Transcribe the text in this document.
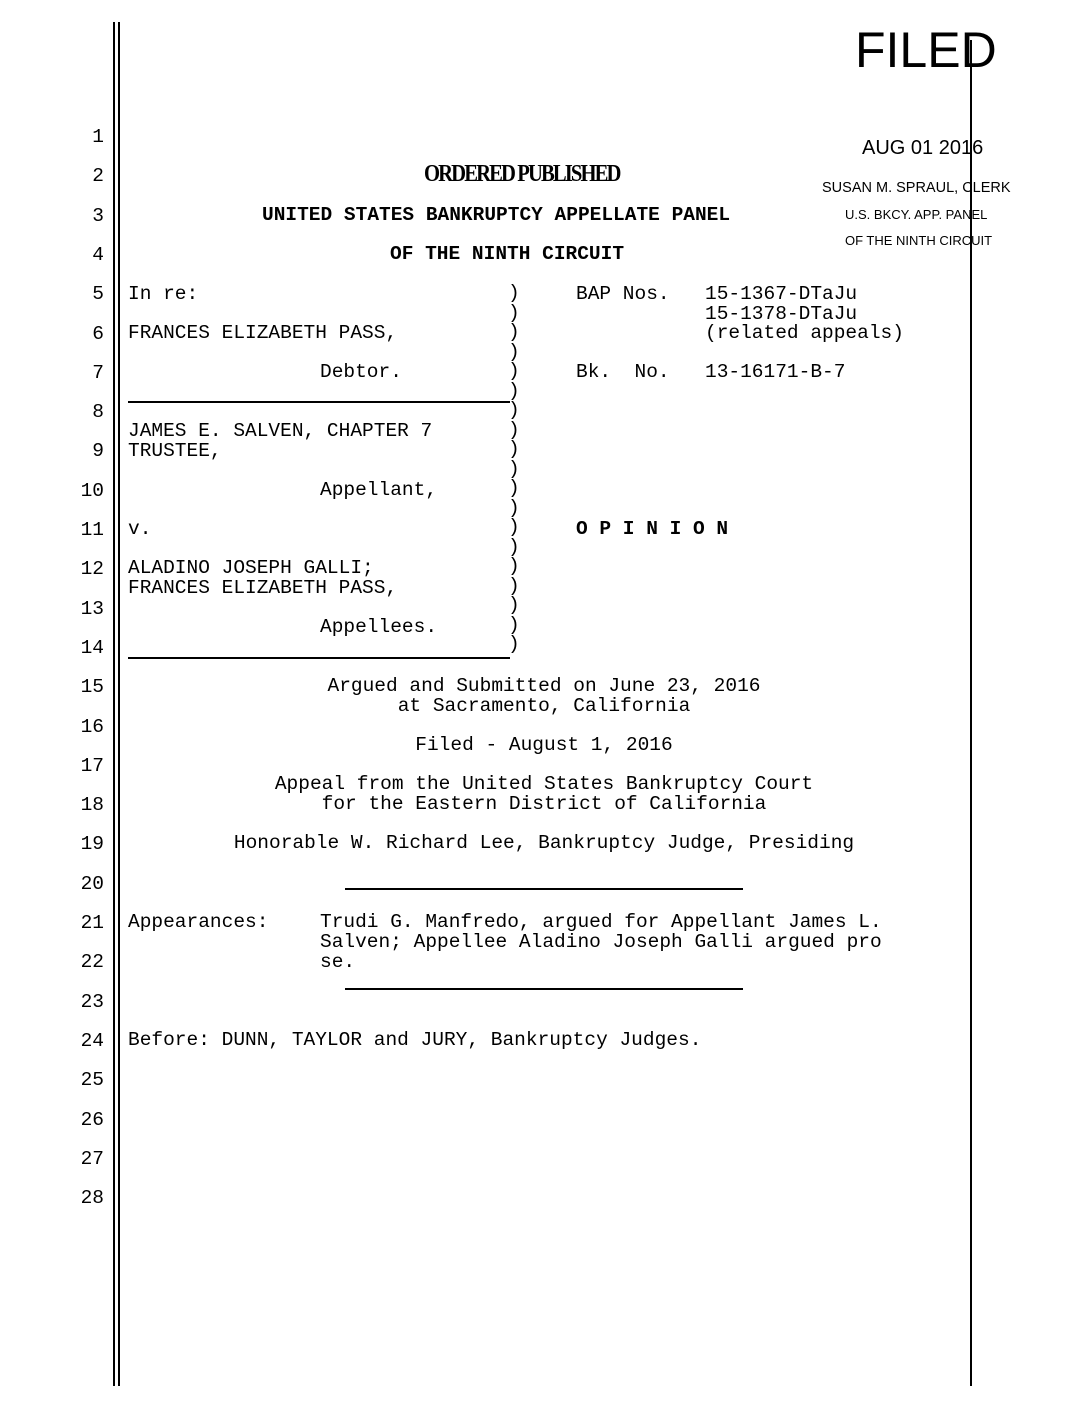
1
2
3
4
5
6
7
8
9
10
11
12
13
14
15
16
17
18
19
20
21
22
23
24
25
26
27
28
FILED
AUG 01 2016
SUSAN M. SPRAUL, CLERK
U.S. BKCY. APP. PANEL
OF THE NINTH CIRCUIT
ORDERED PUBLISHED
UNITED STATES BANKRUPTCY APPELLATE PANEL
OF THE NINTH CIRCUIT
In re:
FRANCES ELIZABETH PASS,
Debtor.
JAMES E. SALVEN, CHAPTER 7
TRUSTEE,
Appellant,
v.
ALADINO JOSEPH GALLI;
FRANCES ELIZABETH PASS,
Appellees.
)
)
)
)
)
)
)
)
)
)
)
)
)
)
)
)
)
)
)

BAP Nos. 15-1367-DTaJu
15-1378-DTaJu
(related appeals)
Bk.  No. 13-16171-B-7
O P I N I O N
Argued and Submitted on June 23, 2016
at Sacramento, California
Filed - August 1, 2016
Appeal from the United States Bankruptcy Court
for the Eastern District of California
Honorable W. Richard Lee, Bankruptcy Judge, Presiding
Appearances:	Trudi G. Manfredo, argued for Appellant James L.
Salven; Appellee Aladino Joseph Galli argued pro
se.
Before: DUNN, TAYLOR and JURY, Bankruptcy Judges.
